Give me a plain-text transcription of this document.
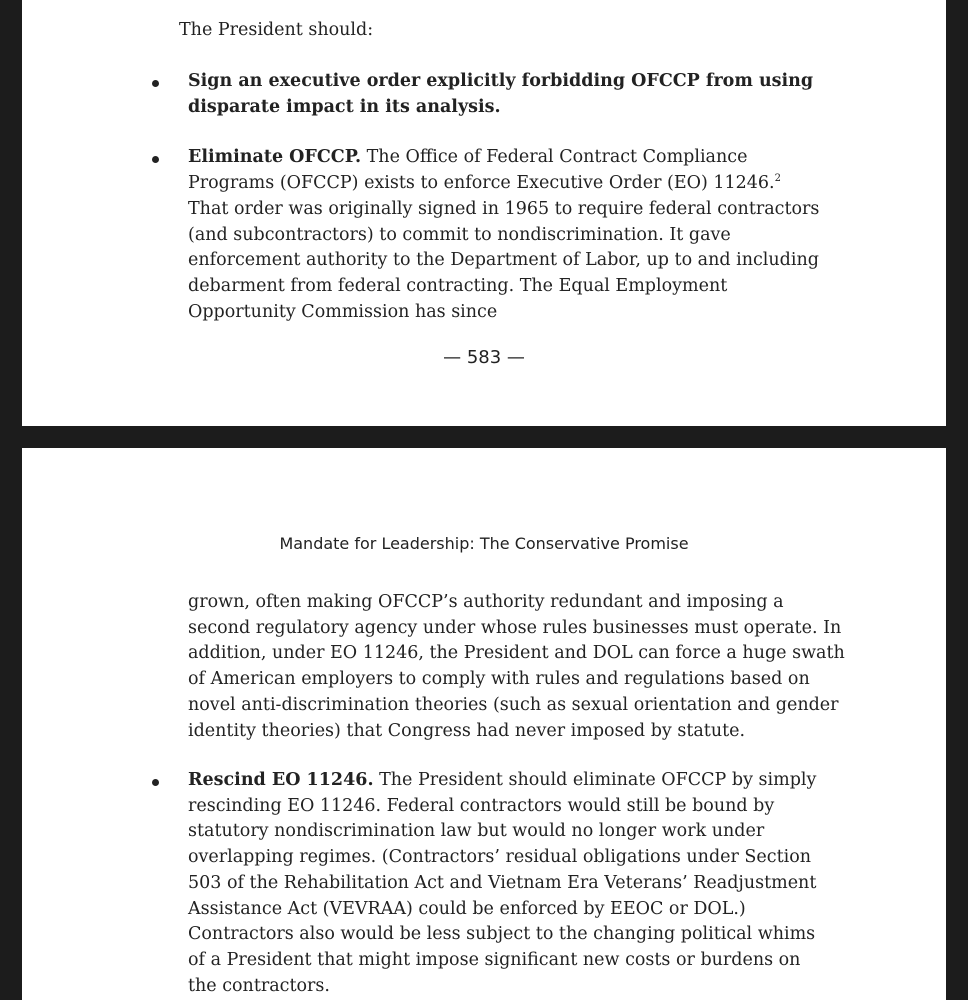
The President should:

Sign an executive order explicitly forbidding OFCCP from using disparate impact in its analysis.
Eliminate OFCCP. The Office of Federal Contract Compliance Programs (OFCCP) exists to enforce Executive Order (EO) 11246.$^2$ That order was originally signed in 1965 to require federal contractors (and subcontractors) to commit to nondiscrimination. It gave enforcement authority to the Department of Labor, up to and including debarment from federal contracting. The Equal Employment Opportunity Commission has since

— 583 —

Mandate for Leadership: The Conservative Promise

grown, often making OFCCP’s authority redundant and imposing a second regulatory agency under whose rules businesses must operate. In addition, under EO 11246, the President and DOL can force a huge swath of American employers to comply with rules and regulations based on novel anti-discrimination theories (such as sexual orientation and gender identity theories) that Congress had never imposed by statute.

Rescind EO 11246. The President should eliminate OFCCP by simply rescinding EO 11246. Federal contractors would still be bound by statutory nondiscrimination law but would no longer work under overlapping regimes. (Contractors’ residual obligations under Section 503 of the Rehabilitation Act and Vietnam Era Veterans’ Readjustment Assistance Act (VEVRAA) could be enforced by EEOC or DOL.) Contractors also would be less subject to the changing political whims of a President that might impose significant new costs or burdens on the contractors.
